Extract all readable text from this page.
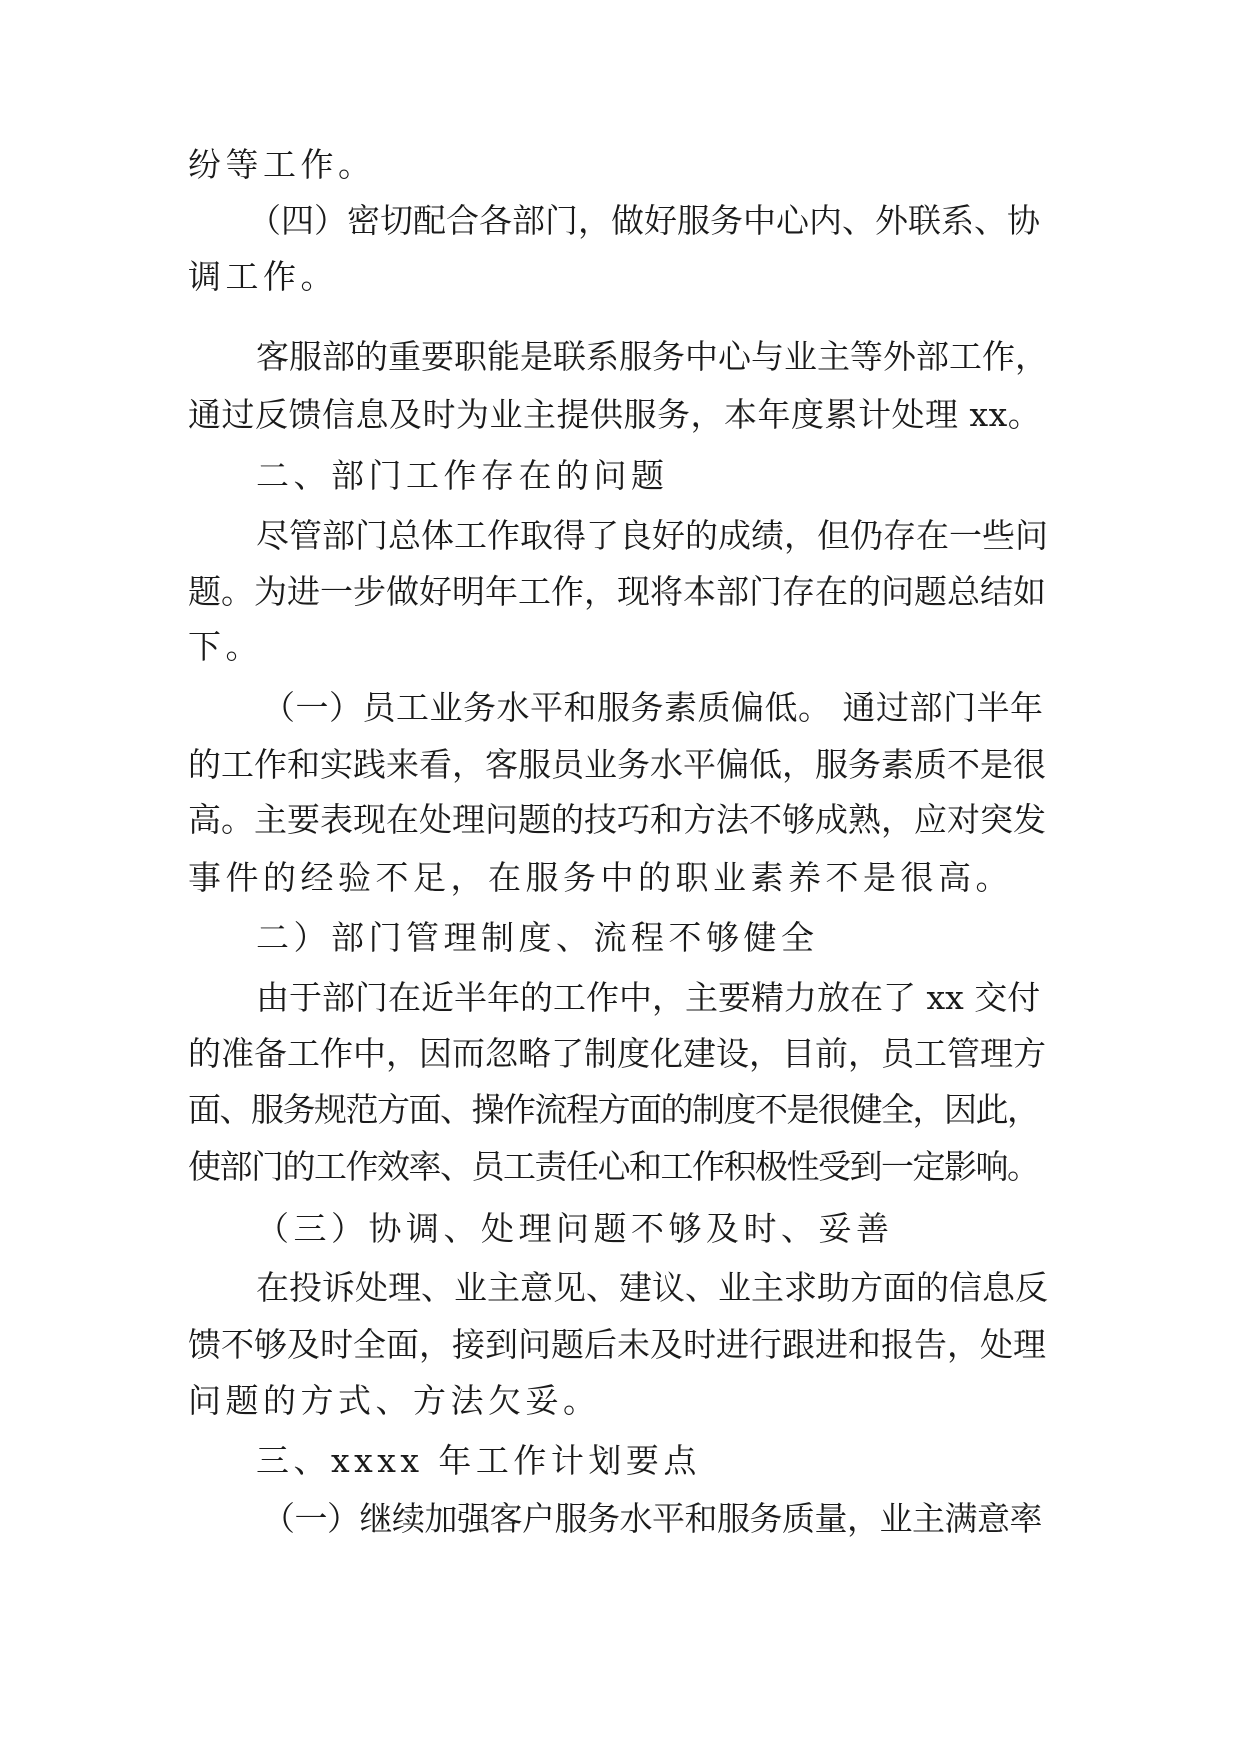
纷等工作。
（四）密切配合各部门，做好服务中心内、外联系、协
调工作。
客服部的重要职能是联系服务中心与业主等外部工作，
通过反馈信息及时为业主提供服务，本年度累计处理 xx。
二、部门工作存在的问题
尽管部门总体工作取得了良好的成绩，但仍存在一些问
题。为进一步做好明年工作，现将本部门存在的问题总结如
下。
（一）员工业务水平和服务素质偏低。 通过部门半年
的工作和实践来看，客服员业务水平偏低，服务素质不是很
高。主要表现在处理问题的技巧和方法不够成熟，应对突发
事件的经验不足，在服务中的职业素养不是很高。
二）部门管理制度、流程不够健全
由于部门在近半年的工作中，主要精力放在了 xx 交付
的准备工作中，因而忽略了制度化建设，目前，员工管理方
面、服务规范方面、操作流程方面的制度不是很健全，因此，
使部门的工作效率、员工责任心和工作积极性受到一定影响。
（三）协调、处理问题不够及时、妥善
在投诉处理、业主意见、建议、业主求助方面的信息反
馈不够及时全面，接到问题后未及时进行跟进和报告，处理
问题的方式、方法欠妥。
三、xxxx 年工作计划要点
（一）继续加强客户服务水平和服务质量，业主满意率
